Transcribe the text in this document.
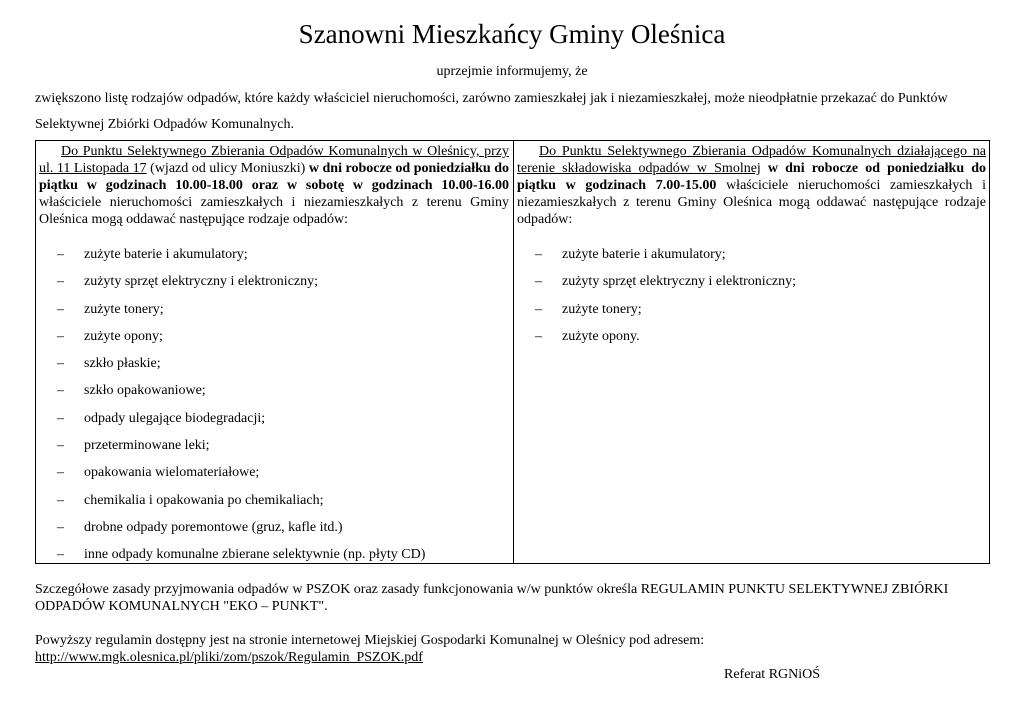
Szanowni Mieszkańcy Gminy Oleśnica
uprzejmie informujemy, że
zwiększono listę rodzajów odpadów, które każdy właściciel nieruchomości, zarówno zamieszkałej jak i niezamieszkałej, może nieodpłatnie przekazać do Punktów Selektywnej Zbiórki Odpadów Komunalnych.

Do Punktu Selektywnego Zbierania Odpadów Komunalnych w Oleśnicy, przy ul. 11 Listopada 17 (wjazd od ulicy Moniuszki) w dni robocze od poniedziałku do piątku w godzinach 10.00-18.00 oraz w sobotę w godzinach 10.00-16.00 właściciele nieruchomości zamieszkałych i niezamieszkałych z terenu Gminy Oleśnica mogą oddawać następujące rodzaje odpadów:

– zużyte baterie i akumulatory;
– zużyty sprzęt elektryczny i elektroniczny;
– zużyte tonery;
– zużyte opony;
– szkło płaskie;
– szkło opakowaniowe;
– odpady ulegające biodegradacji;
– przeterminowane leki;
– opakowania wielomateriałowe;
– chemikalia i opakowania po chemikaliach;
– drobne odpady poremontowe (gruz, kafle itd.)
– inne odpady komunalne zbierane selektywnie (np. płyty CD)

Do Punktu Selektywnego Zbierania Odpadów Komunalnych działającego na terenie składowiska odpadów w Smolnej w dni robocze od poniedziałku do piątku w godzinach 7.00-15.00 właściciele nieruchomości zamieszkałych i niezamieszkałych z terenu Gminy Oleśnica mogą oddawać następujące rodzaje odpadów:

– zużyte baterie i akumulatory;
– zużyty sprzęt elektryczny i elektroniczny;
– zużyte tonery;
– zużyte opony.
Szczegółowe zasady przyjmowania odpadów w PSZOK oraz zasady funkcjonowania w/w punktów określa REGULAMIN PUNKTU SELEKTYWNEJ ZBIÓRKI ODPADÓW KOMUNALNYCH "EKO – PUNKT".
Powyższy regulamin dostępny jest na stronie internetowej Miejskiej Gospodarki Komunalnej w Oleśnicy pod adresem:
http://www.mgk.olesnica.pl/pliki/zom/pszok/Regulamin_PSZOK.pdf
Referat RGNiOŚ
